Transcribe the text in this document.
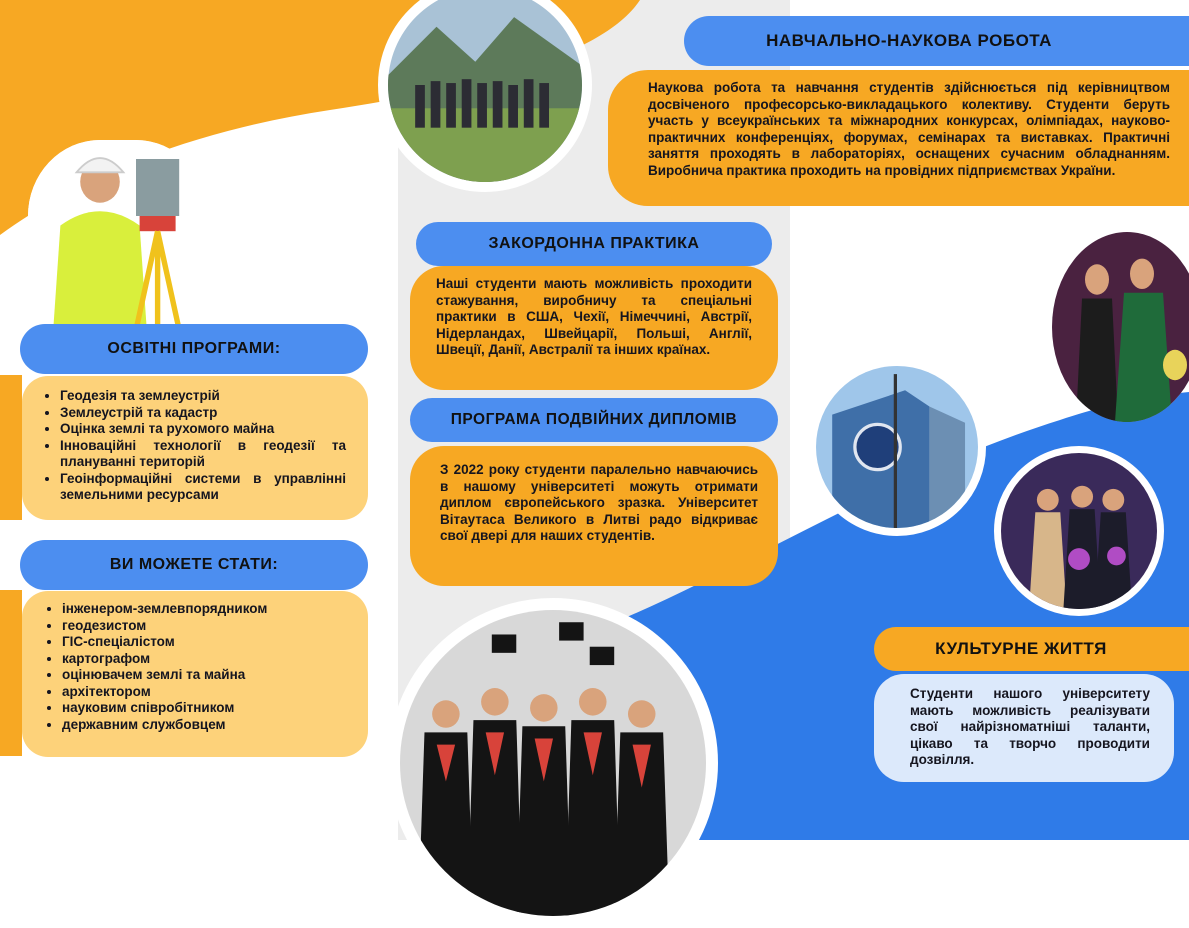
НАВЧАЛЬНО-НАУКОВА РОБОТА

Наукова робота та навчання студентів здійснюється під керівництвом досвіченого професорсько-викладацького колективу. Студенти беруть участь у всеукраїнських та міжнародних конкурсах, олімпіадах, науково-практичних конференціях, форумах, семінарах та виставках. Практичні заняття проходять в лабораторіях, оснащених сучасним обладнанням. Виробнича практика проходить на провідних підприємствах України.

ОСВІТНІ ПРОГРАМИ:
• Геодезія та землеустрій
• Землеустрій та кадастр
• Оцінка землі та рухомого майна
• Інноваційні технології в геодезії та плануванні територій
• Геоінформаційні системи в управлінні земельними ресурсами
ВИ МОЖЕТЕ СТАТИ:
• інженером-землевпорядником
• геодезистом
• ГІС-спеціалістом
• картографом
• оцінювачем землі та майна
• архітектором
• науковим співробітником
• державним службовцем
ЗАКОРДОННА ПРАКТИКА

Наші студенти мають можливість проходити стажування, виробничу та спеціальні практики в США, Чехії, Німеччині, Австрії, Нідерландах, Швейцарії, Польші, Англії, Швеції, Данії, Австралії та інших країнах.

ПРОГРАМА ПОДВІЙНИХ ДИПЛОМІВ

З 2022 року студенти паралельно навчаючись в нашому університеті можуть отримати диплом європейського зразка. Університет Вітаутаса Великого в Литві радо відкриває свої двері для наших студентів.

КУЛЬТУРНЕ ЖИТТЯ

Студенти нашого університету мають можливість реалізувати свої найрізноматніші таланти, цікаво та творчо проводити дозвілля.
